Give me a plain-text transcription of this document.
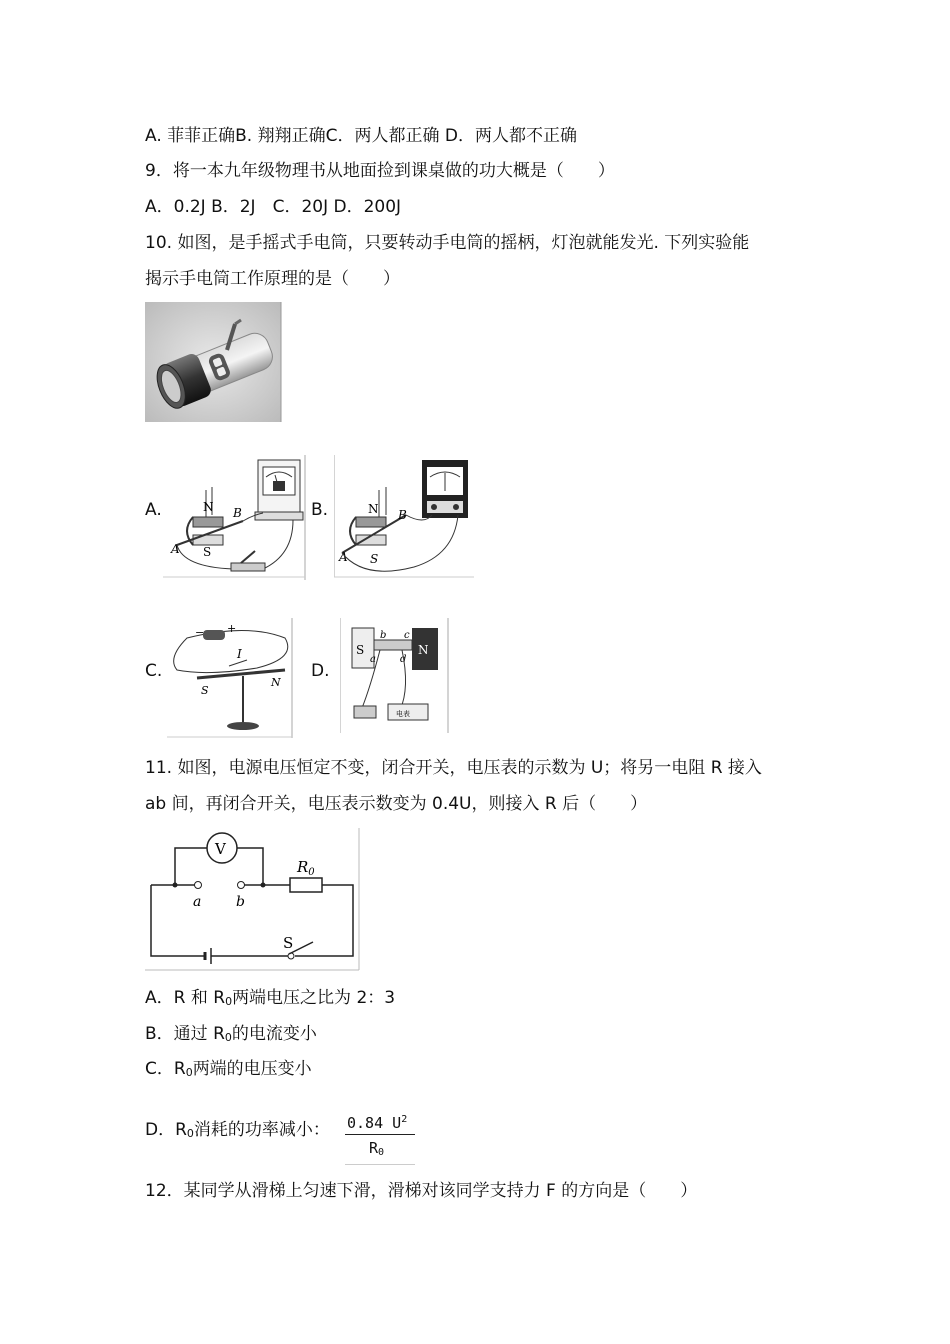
A. 菲菲正确B. 翔翔正确C．两人都正确 D．两人都不正确
9．将一本九年级物理书从地面捡到课桌做的功大概是（　　）
A．0.2J B．2J　C．20J D．200J
10. 如图，是手摇式手电筒，只要转动手电筒的摇柄，灯泡就能发光. 下列实验能
揭示手电筒工作原理的是（　　）
A.	B.
N
S
A
B	N
S
A
B
C.	D.
− +
I
S
N
S	N
b c
a d
电表
11. 如图，电源电压恒定不变，闭合开关，电压表的示数为 U；将另一电阻 R 接入
ab 间，再闭合开关，电压表示数变为 0.4U，则接入 R 后（　　）
V
a b
$R_0$
S
A．R 和 $R_0$两端电压之比为 2：3
B．通过 $R_0$的电流变小
C．$R_0$两端的电压变小
D．$R_0$消耗的功率减小： 0.84 $U^2$
$R_0$
12．某同学从滑梯上匀速下滑，滑梯对该同学支持力 F 的方向是（　　）
